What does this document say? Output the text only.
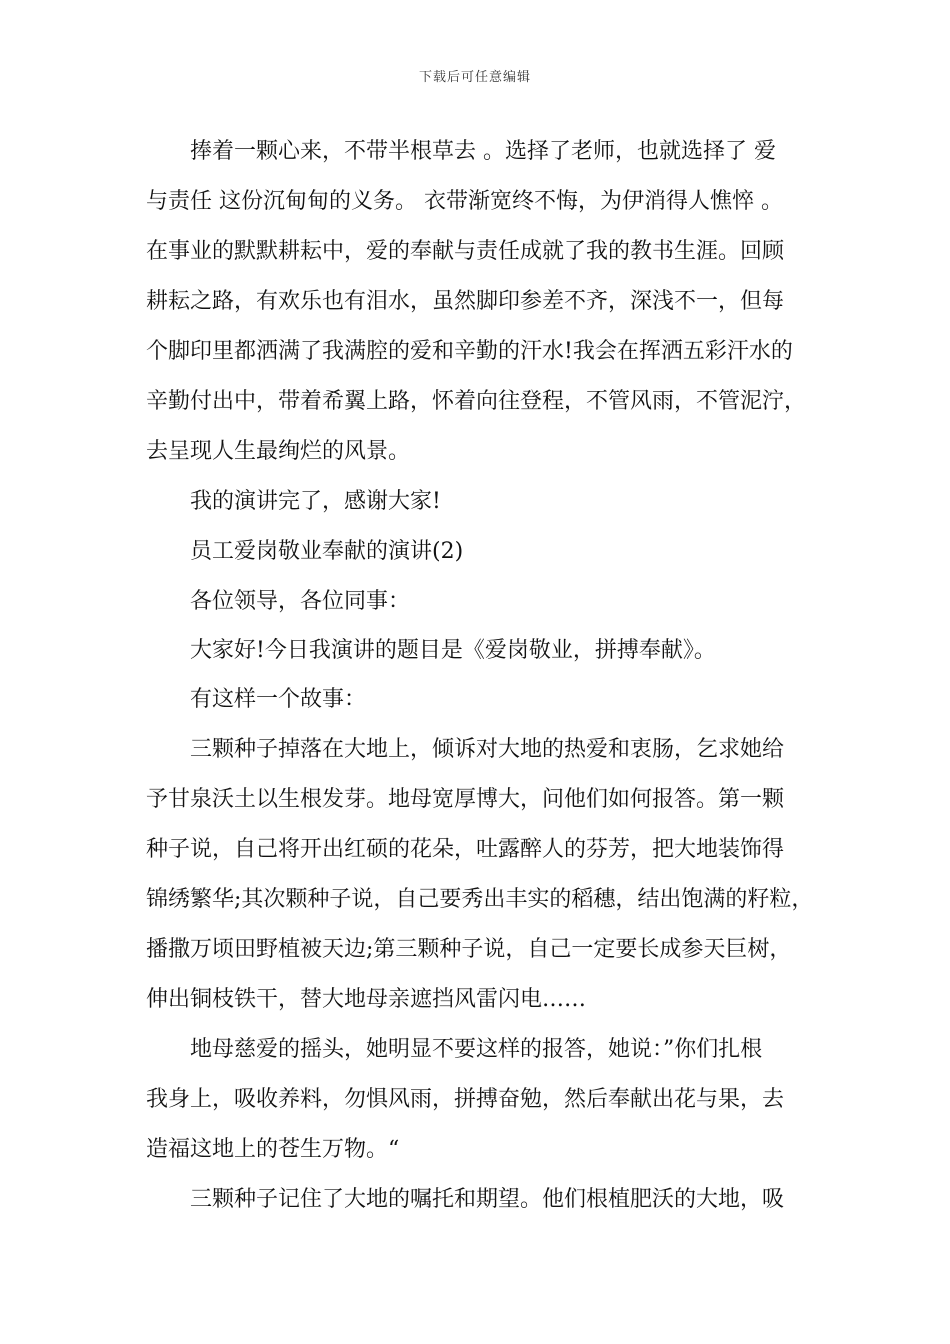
下载后可任意编辑
捧着一颗心来，不带半根草去 。选择了老师，也就选择了 爱
与责任 这份沉甸甸的义务。 衣带渐宽终不悔，为伊消得人憔悴 。
在事业的默默耕耘中，爱的奉献与责任成就了我的教书生涯。回顾
耕耘之路，有欢乐也有泪水，虽然脚印参差不齐，深浅不一，但每
个脚印里都洒满了我满腔的爱和辛勤的汗水!我会在挥洒五彩汗水的
辛勤付出中，带着希翼上路，怀着向往登程，不管风雨，不管泥泞，
去呈现人生最绚烂的风景。
我的演讲完了，感谢大家!
员工爱岗敬业奉献的演讲(2)
各位领导，各位同事：
大家好!今日我演讲的题目是《爱岗敬业，拼搏奉献》。
有这样一个故事：
三颗种子掉落在大地上，倾诉对大地的热爱和衷肠，乞求她给
予甘泉沃土以生根发芽。地母宽厚博大，问他们如何报答。第一颗
种子说，自己将开出红硕的花朵，吐露醉人的芬芳，把大地装饰得
锦绣繁华;其次颗种子说，自己要秀出丰实的稻穗，结出饱满的籽粒，
播撒万顷田野植被天边;第三颗种子说，自己一定要长成参天巨树，
伸出铜枝铁干，替大地母亲遮挡风雷闪电……
地母慈爱的摇头，她明显不要这样的报答，她说：”你们扎根
我身上，吸收养料，勿惧风雨，拼搏奋勉，然后奉献出花与果，去
造福这地上的苍生万物。“
三颗种子记住了大地的嘱托和期望。他们根植肥沃的大地，吸
